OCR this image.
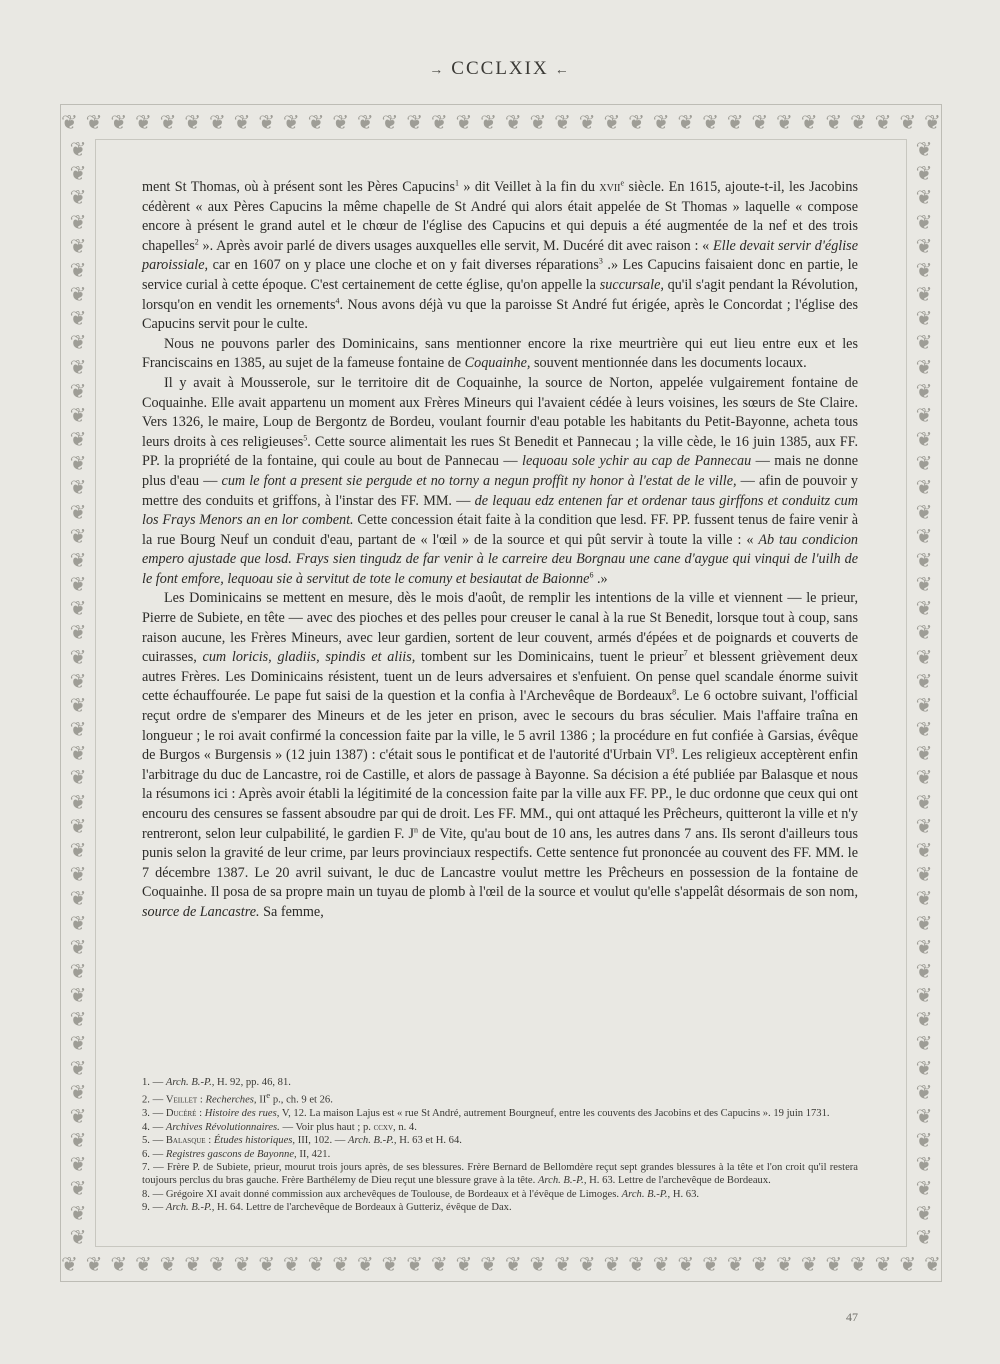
→ CCCLXIX ←
❦ ❦ ❦ ❦ ❦ ❦ ❦ ❦ ❦ ❦ ❦ ❦ ❦ ❦ ❦ ❦ ❦ ❦ ❦ ❦ ❦ ❦ ❦ ❦ ❦ ❦ ❦ ❦ ❦ ❦ ❦ ❦ ❦ ❦ ❦ ❦
❦ ❦ ❦ ❦ ❦ ❦ ❦ ❦ ❦ ❦ ❦ ❦ ❦ ❦ ❦ ❦ ❦ ❦ ❦ ❦ ❦ ❦ ❦ ❦ ❦ ❦ ❦ ❦ ❦ ❦ ❦ ❦ ❦ ❦ ❦ ❦
❦
❦
❦
❦
❦
❦
❦
❦
❦
❦
❦
❦
❦
❦
❦
❦
❦
❦
❦
❦
❦
❦
❦
❦
❦
❦
❦
❦
❦
❦
❦
❦
❦
❦
❦
❦
❦
❦
❦
❦
❦
❦
❦
❦
❦
❦
❦
❦
❦
❦
❦
❦
❦
❦
❦
❦
❦
❦
❦
❦
❦
❦
❦
❦
❦
❦
❦
❦
❦
❦
❦
❦
❦
❦
❦
❦
❦
❦
❦
❦
❦
❦
❦
❦
❦
❦
❦
❦
❦
❦
❦
❦

ment St Thomas, où à présent sont les Pères Capucins$^1$ » dit Veillet à la fin du xvii$^e$ siècle. En 1615, ajoute-t-il, les Jacobins cédèrent « aux Pères Capucins la même chapelle de St André qui alors était appelée de St Thomas » laquelle « compose encore à présent le grand autel et le chœur de l'église des Capucins et qui depuis a été augmentée de la nef et des trois chapelles$^2$ ». Après avoir parlé de divers usages auxquelles elle servit, M. Ducéré dit avec raison : « Elle devait servir d'église paroissiale, car en 1607 on y place une cloche et on y fait diverses réparations$^3$ .» Les Capucins faisaient donc en partie, le service curial à cette époque. C'est certainement de cette église, qu'on appelle la succursale, qu'il s'agit pendant la Révolution, lorsqu'on en vendit les ornements$^4$. Nous avons déjà vu que la paroisse St André fut érigée, après le Concordat ; l'église des Capucins servit pour le culte.

Nous ne pouvons parler des Dominicains, sans mentionner encore la rixe meurtrière qui eut lieu entre eux et les Franciscains en 1385, au sujet de la fameuse fontaine de Coquainhe, souvent mentionnée dans les documents locaux.

Il y avait à Mousserole, sur le territoire dit de Coquainhe, la source de Norton, appelée vulgairement fontaine de Coquainhe. Elle avait appartenu un moment aux Frères Mineurs qui l'avaient cédée à leurs voisines, les sœurs de Ste Claire. Vers 1326, le maire, Loup de Bergontz de Bordeu, voulant fournir d'eau potable les habitants du Petit-Bayonne, acheta tous leurs droits à ces religieuses$^5$. Cette source alimentait les rues St Benedit et Pannecau ; la ville cède, le 16 juin 1385, aux FF. PP. la propriété de la fontaine, qui coule au bout de Pannecau — lequoau sole ychir au cap de Pannecau — mais ne donne plus d'eau — cum le font a present sie pergude et no torny a negun proffit ny honor à l'estat de le ville, — afin de pouvoir y mettre des conduits et griffons, à l'instar des FF. MM. — de lequau edz entenen far et ordenar taus girffons et conduitz cum los Frays Menors an en lor combent. Cette concession était faite à la condition que lesd. FF. PP. fussent tenus de faire venir à la rue Bourg Neuf un conduit d'eau, partant de « l'œil » de la source et qui pût servir à toute la ville : « Ab tau condicion empero ajustade que losd. Frays sien tingudz de far venir à le carreire deu Borgnau une cane d'aygue qui vinqui de l'uilh de le font emfore, lequoau sie à servitut de tote le comuny et besiautat de Baionne$^6$ .»

Les Dominicains se mettent en mesure, dès le mois d'août, de remplir les intentions de la ville et viennent — le prieur, Pierre de Subiete, en tête — avec des pioches et des pelles pour creuser le canal à la rue St Benedit, lorsque tout à coup, sans raison aucune, les Frères Mineurs, avec leur gardien, sortent de leur couvent, armés d'épées et de poignards et couverts de cuirasses, cum loricis, gladiis, spindis et aliis, tombent sur les Dominicains, tuent le prieur$^7$ et blessent grièvement deux autres Frères. Les Dominicains résistent, tuent un de leurs adversaires et s'enfuient. On pense quel scandale énorme suivit cette échauffourée. Le pape fut saisi de la question et la confia à l'Archevêque de Bordeaux$^8$. Le 6 octobre suivant, l'official reçut ordre de s'emparer des Mineurs et de les jeter en prison, avec le secours du bras séculier. Mais l'affaire traîna en longueur ; le roi avait confirmé la concession faite par la ville, le 5 avril 1386 ; la procédure en fut confiée à Garsias, évêque de Burgos « Burgensis » (12 juin 1387) : c'était sous le pontificat et de l'autorité d'Urbain $VI^9$. Les religieux acceptèrent enfin l'arbitrage du duc de Lancastre, roi de Castille, et alors de passage à Bayonne. Sa décision a été publiée par Balasque et nous la résumons ici : Après avoir établi la légitimité de la concession faite par la ville aux FF. PP., le duc ordonne que ceux qui ont encouru des censures se fassent absoudre par qui de droit. Les FF. MM., qui ont attaqué les Prêcheurs, quitteront la ville et n'y rentreront, selon leur culpabilité, le gardien F. $J^n$ de Vite, qu'au bout de 10 ans, les autres dans 7 ans. Ils seront d'ailleurs tous punis selon la gravité de leur crime, par leurs provinciaux respectifs. Cette sentence fut prononcée au couvent des FF. MM. le 7 décembre 1387. Le 20 avril suivant, le duc de Lancastre voulut mettre les Prêcheurs en possession de la fontaine de Coquainhe. Il posa de sa propre main un tuyau de plomb à l'œil de la source et voulut qu'elle s'appelât désormais de son nom, source de Lancastre. Sa femme,

1. — Arch. B.-P., H. 92, pp. 46, 81.

2. — Veillet : Recherches, IIe p., ch. 9 et 26.

3. — Ducéré : Histoire des rues, V, 12. La maison Lajus est « rue St André, autrement Bourgneuf, entre les couvents des Jacobins et des Capucins ». 19 juin 1731.

4. — Archives Révolutionnaires. — Voir plus haut ; p. ccxv, n. 4.

5. — Balasque : Études historiques, III, 102. — Arch. B.-P., H. 63 et H. 64.

6. — Registres gascons de Bayonne, II, 421.

7. — Frère P. de Subiete, prieur, mourut trois jours après, de ses blessures. Frère Bernard de Bellomdère reçut sept grandes blessures à la tête et l'on croit qu'il restera toujours perclus du bras gauche. Frère Barthélemy de Dieu reçut une blessure grave à la tête. Arch. B.-P., H. 63. Lettre de l'archevêque de Bordeaux.

8. — Grégoire XI avait donné commission aux archevêques de Toulouse, de Bordeaux et à l'évêque de Limoges. Arch. B.-P., H. 63.

9. — Arch. B.-P., H. 64. Lettre de l'archevêque de Bordeaux à Gutteriz, évêque de Dax.

47
